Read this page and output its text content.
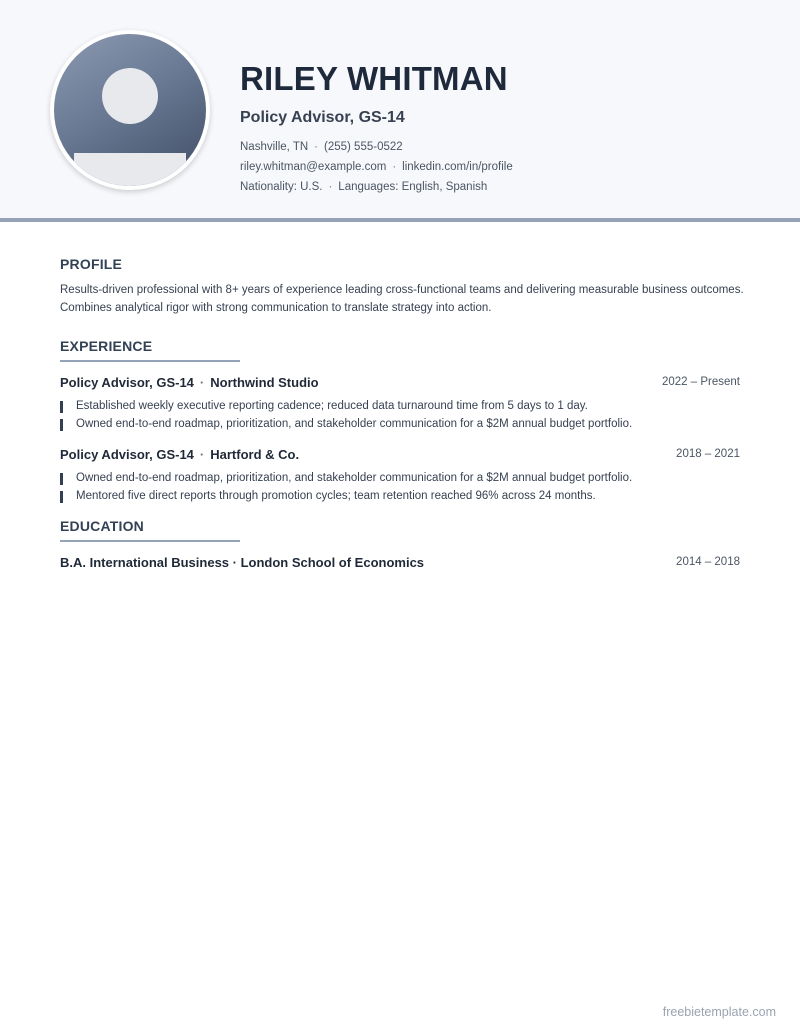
RILEY WHITMAN
Policy Advisor, GS-14
Nashville, TN · (255) 555-0522
riley.whitman@example.com · linkedin.com/in/profile
Nationality: U.S. · Languages: English, Spanish
PROFILE
Results-driven professional with 8+ years of experience leading cross-functional teams and delivering measurable business outcomes. Combines analytical rigor with strong communication to translate strategy into action.
EXPERIENCE
Policy Advisor, GS-14 · Northwind Studio	2022 – Present
Established weekly executive reporting cadence; reduced data turnaround time from 5 days to 1 day.
Owned end-to-end roadmap, prioritization, and stakeholder communication for a $2M annual budget portfolio.
Policy Advisor, GS-14 · Hartford & Co.	2018 – 2021
Owned end-to-end roadmap, prioritization, and stakeholder communication for a $2M annual budget portfolio.
Mentored five direct reports through promotion cycles; team retention reached 96% across 24 months.
EDUCATION
B.A. International Business · London School of Economics	2014 – 2018
freebietemplate.com
